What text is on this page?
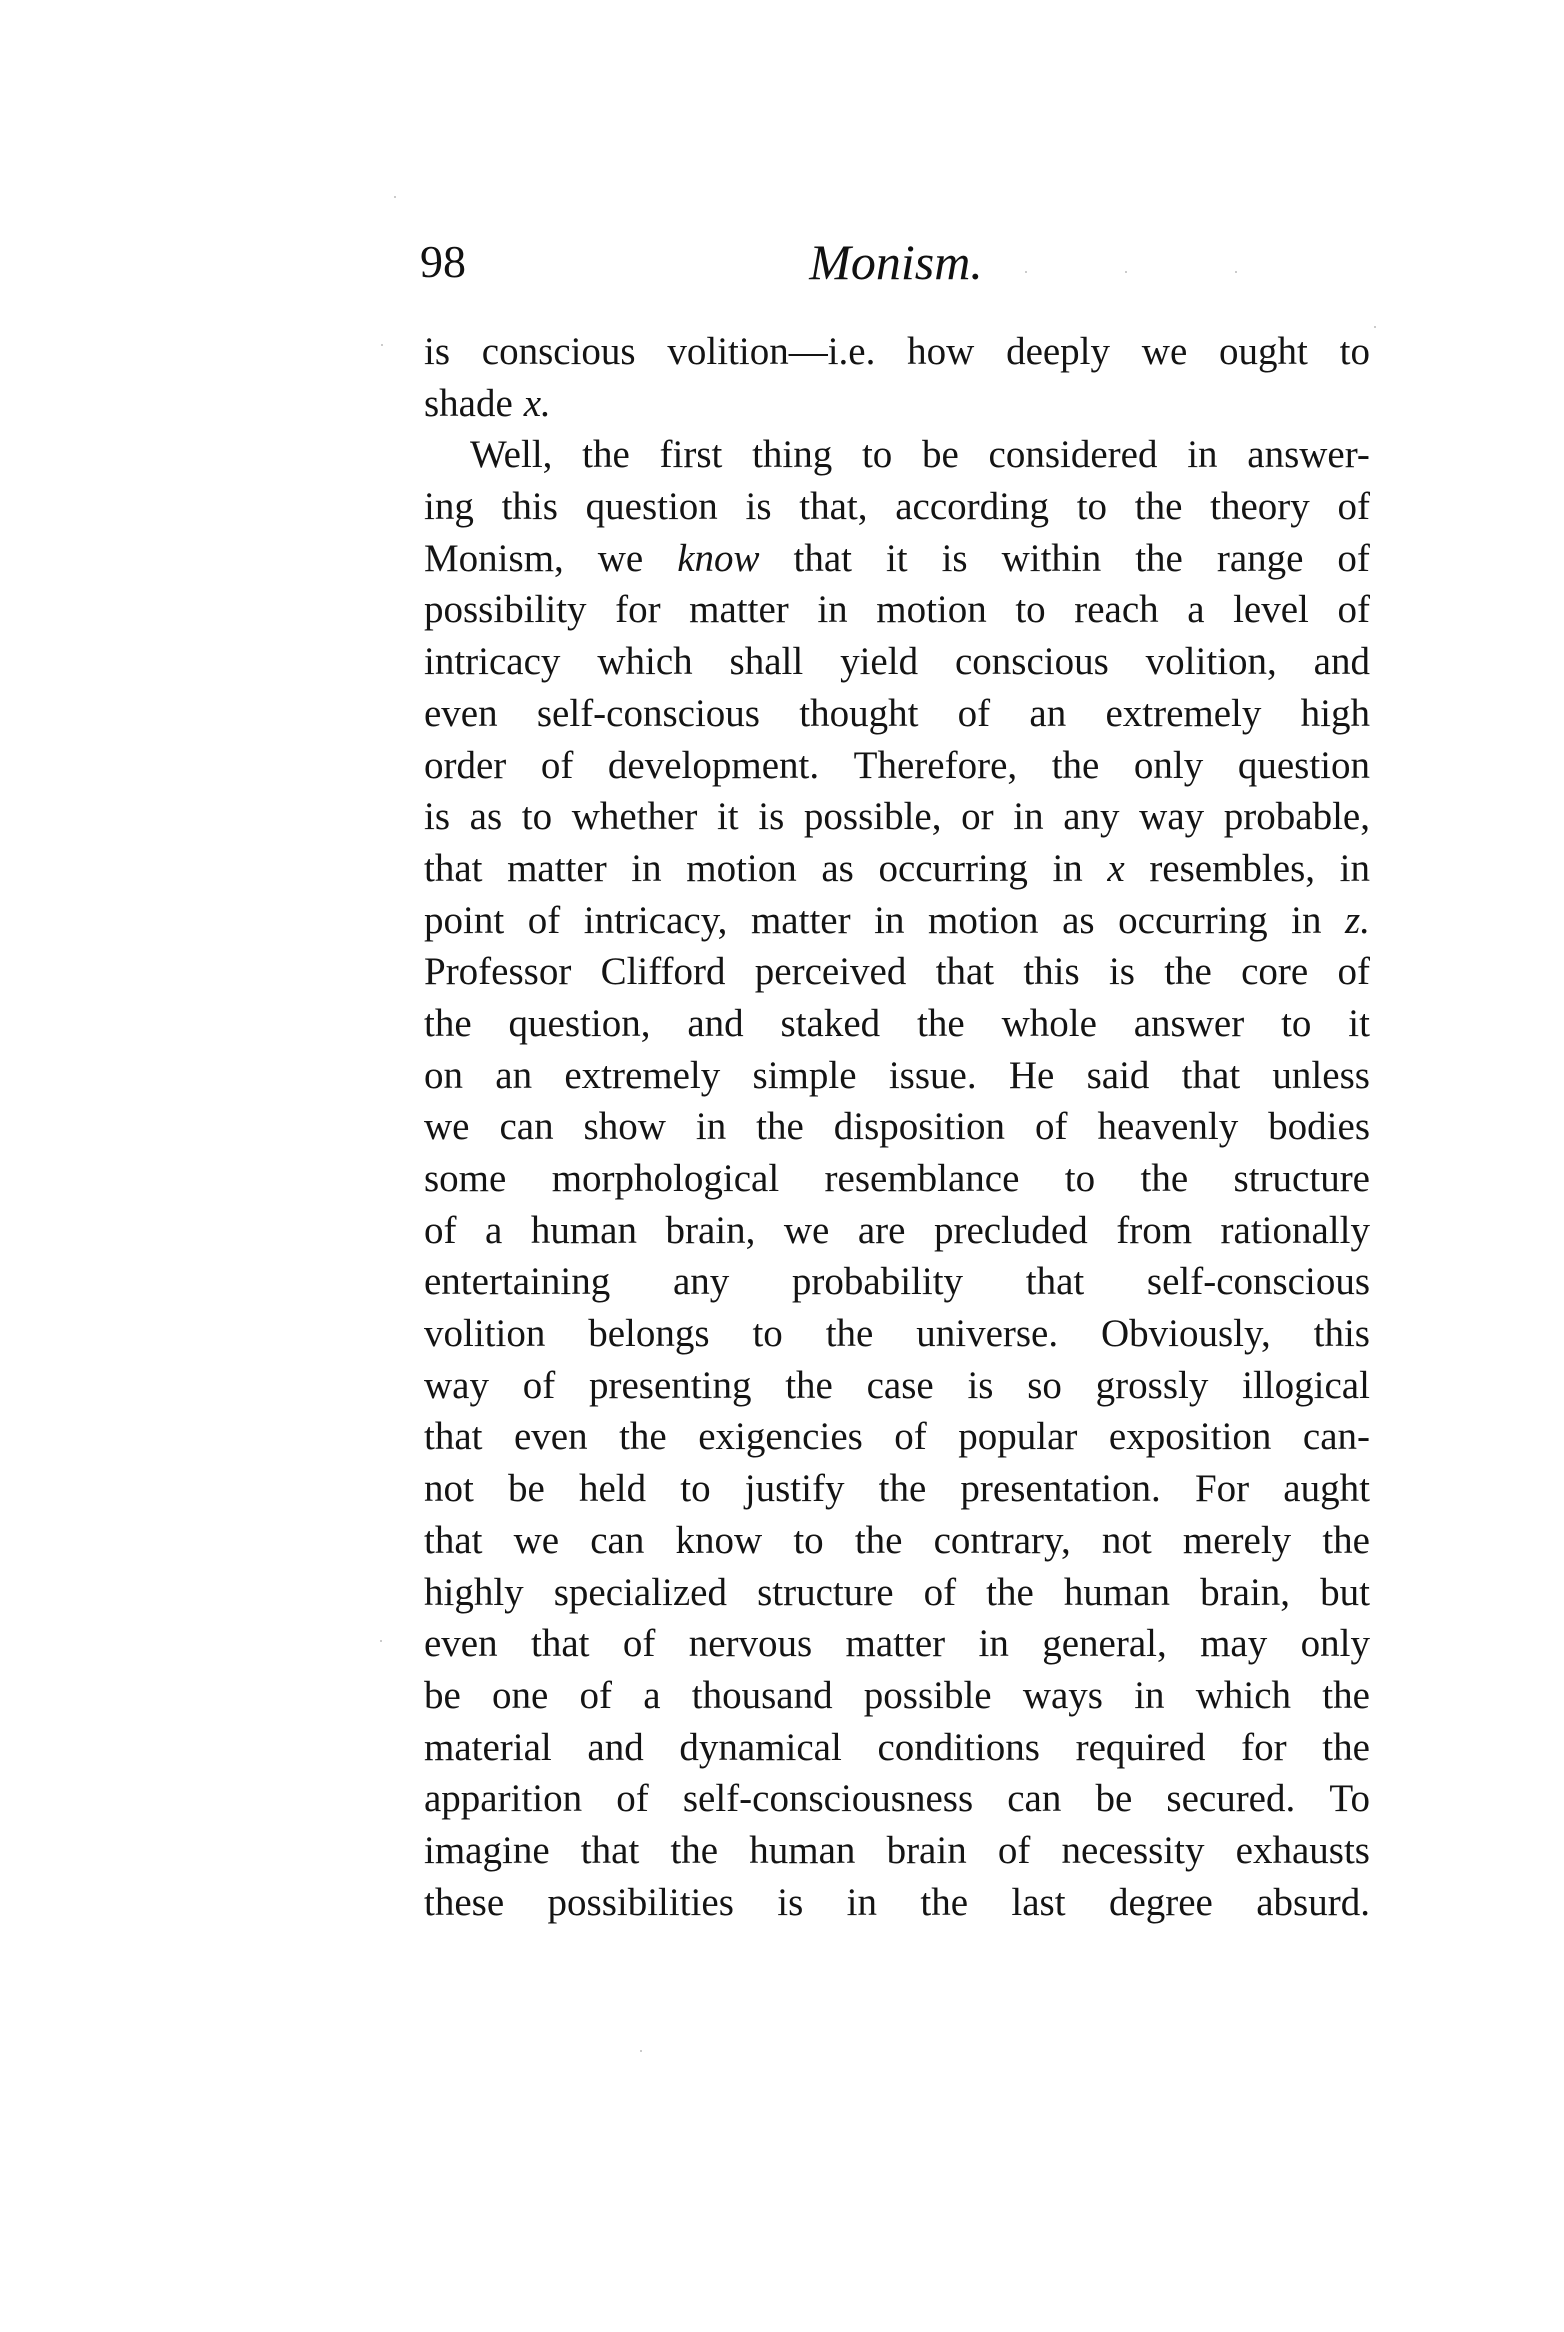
98	Monism.
is conscious volition—i.e. how deeply we ought to
shade x.
Well, the first thing to be considered in answer-
ing this question is that, according to the theory of
Monism, we know that it is within the range of
possibility for matter in motion to reach a level of
intricacy which shall yield conscious volition, and
even self-conscious thought of an extremely high
order of development. Therefore, the only question
is as to whether it is possible, or in any way probable,
that matter in motion as occurring in x resembles, in
point of intricacy, matter in motion as occurring in z.
Professor Clifford perceived that this is the core of
the question, and staked the whole answer to it
on an extremely simple issue. He said that unless
we can show in the disposition of heavenly bodies
some morphological resemblance to the structure
of a human brain, we are precluded from rationally
entertaining any probability that self-conscious
volition belongs to the universe. Obviously, this
way of presenting the case is so grossly illogical
that even the exigencies of popular exposition can-
not be held to justify the presentation. For aught
that we can know to the contrary, not merely the
highly specialized structure of the human brain, but
even that of nervous matter in general, may only
be one of a thousand possible ways in which the
material and dynamical conditions required for the
apparition of self-consciousness can be secured. To
imagine that the human brain of necessity exhausts
these possibilities is in the last degree absurd.
